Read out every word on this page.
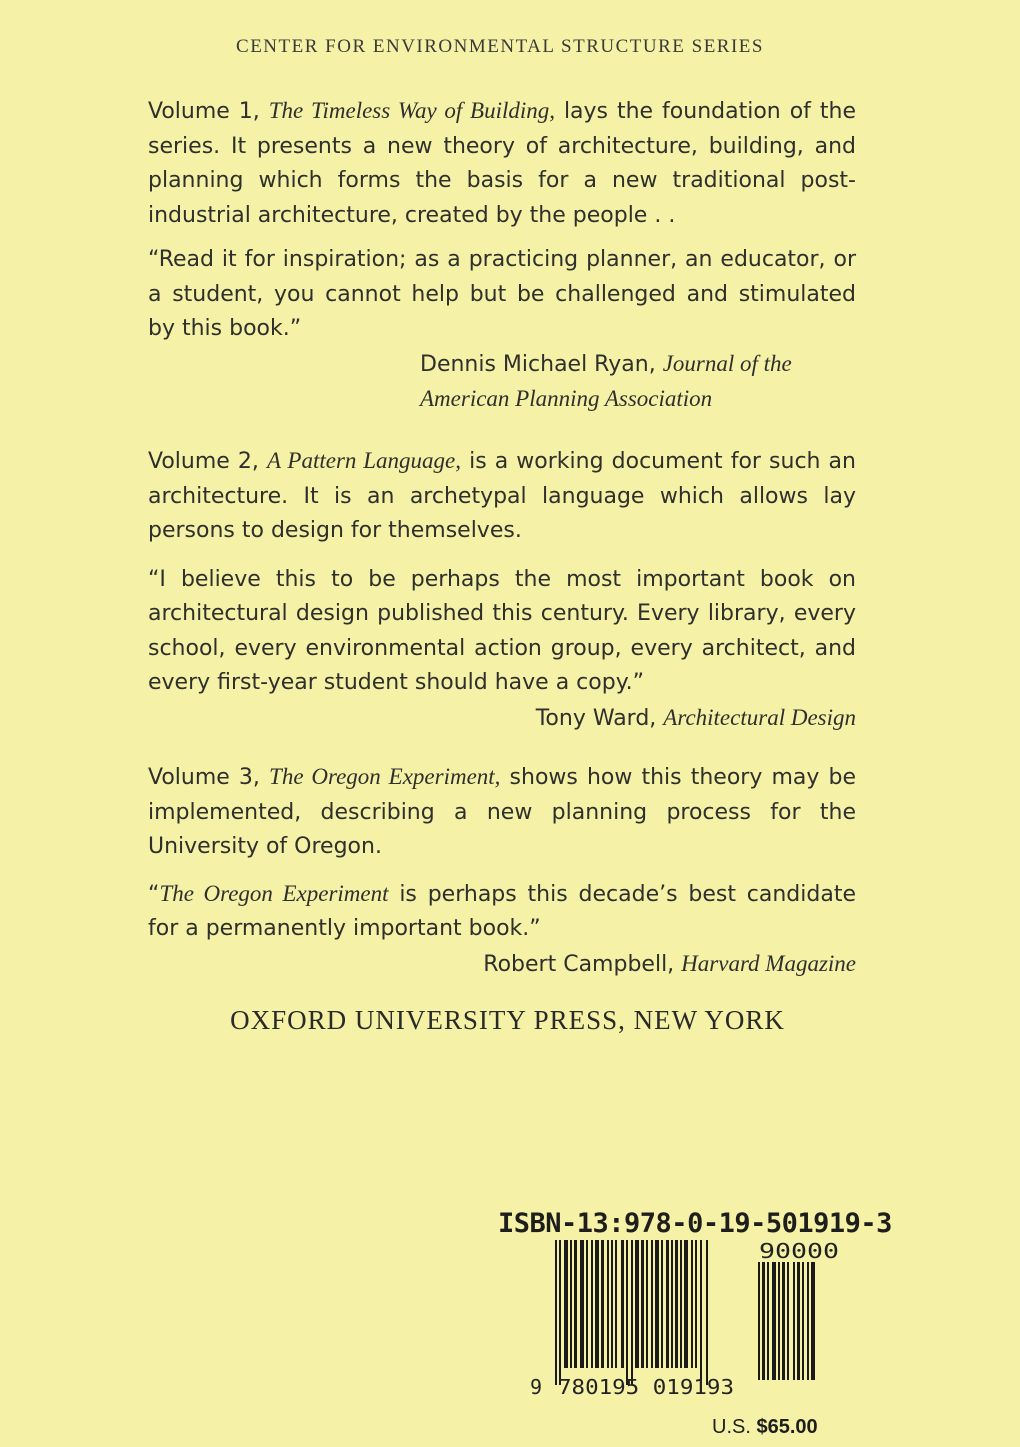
CENTER FOR ENVIRONMENTAL STRUCTURE SERIES

Volume 1, The Timeless Way of Building, lays the foundation of the series. It presents a new theory of architecture, building, and planning which forms the basis for a new traditional post-industrial architecture, created by the people . .

“Read it for inspiration; as a practicing planner, an educator, or a student, you cannot help but be challenged and stimulated by this book.”

Dennis Michael Ryan, Journal of the

American Planning Association

Volume 2, A Pattern Language, is a working document for such an architecture. It is an archetypal language which allows lay persons to design for themselves.

“I believe this to be perhaps the most important book on architectural design published this century. Every library, every school, every environmental action group, every architect, and every first-year student should have a copy.”

Tony Ward, Architectural Design

Volume 3, The Oregon Experiment, shows how this theory may be implemented, describing a new planning process for the University of Oregon.

“The Oregon Experiment is perhaps this decade’s best candidate for a permanently important book.”

Robert Campbell, Harvard Magazine

OXFORD UNIVERSITY PRESS, NEW YORK
ISBN-13:978-0-19-501919-3
9 780195 019193
90000
U.S. $65.00
